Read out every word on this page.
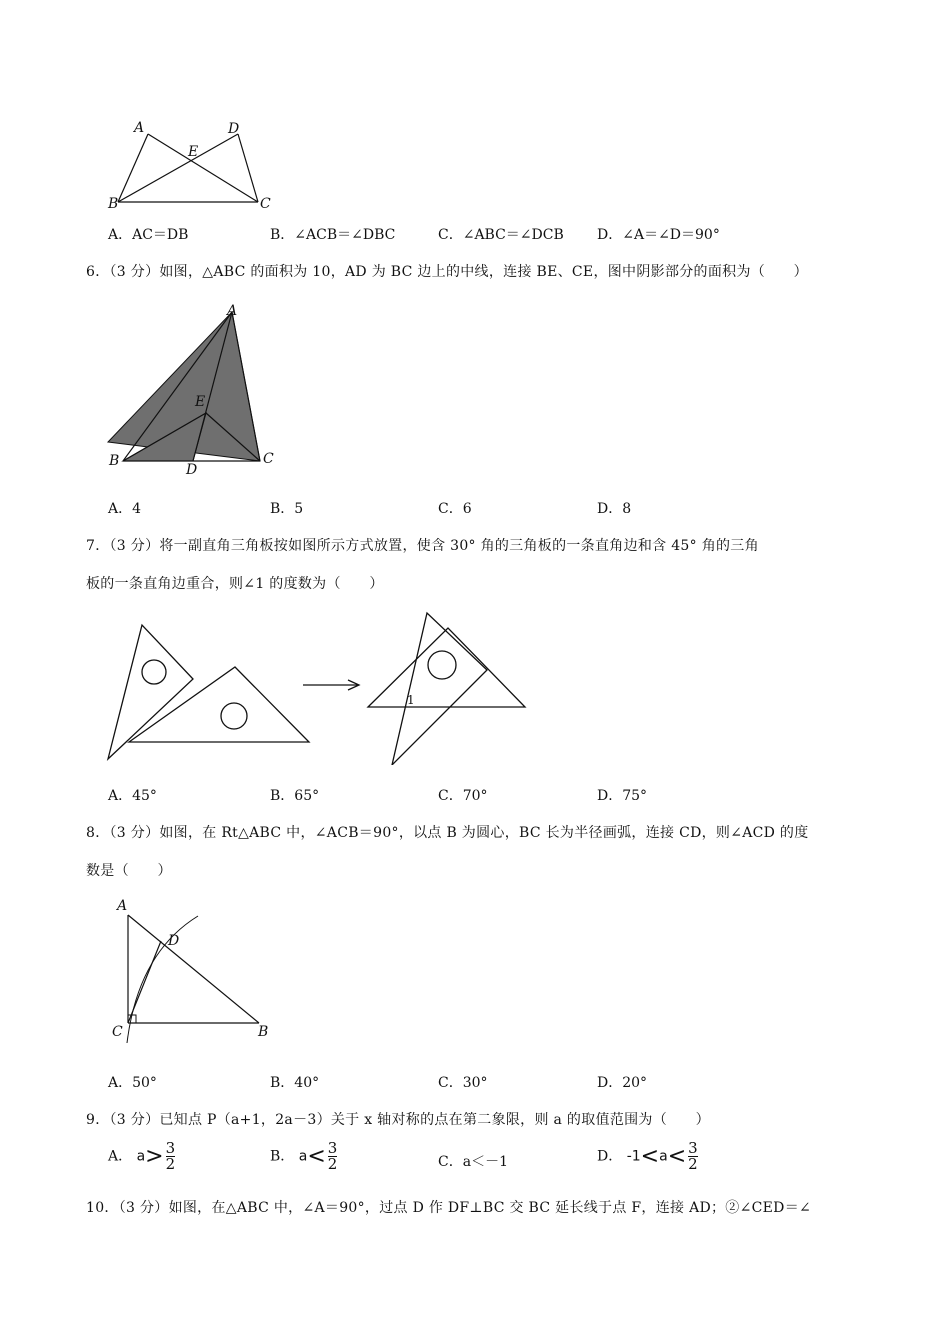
A	D
E
B	C
A．AC＝DB	B．∠ACB＝∠DBC	C．∠ABC＝∠DCB D．∠A＝∠D＝90°
6．（3 分）如图，△ABC 的面积为 10，AD 为 BC 边上的中线，连接 BE、CE，图中阴影部分的面积为（　　）
A
E
B
D
C
A．4	B．5	C．6	D．8
7．（3 分）将一副直角三角板按如图所示方式放置，使含 30° 角的三角板的一条直角边和含 45° 角的三角
板的一条直角边重合，则∠1 的度数为（　　）
1
A．45°	B．65°	C．70°	D．75°
8．（3 分）如图，在 Rt△ABC 中，∠ACB＝90°，以点 B 为圆心，BC 长为半径画弧，连接 CD，则∠ACD 的度
数是（　　）
A
D
C	B
A．50°	B．40°	C．30°	D．20°
9．（3 分）已知点 P（a+1，2a－3）关于 x 轴对称的点在第二象限，则 a 的取值范围为（　　）
A． $a> \frac{3}{2}$	B． $a< \frac{3}{2}$	C．a＜－1	D． $-1<a< \frac{3}{2}$
10．（3 分）如图，在△ABC 中，∠A＝90°，过点 D 作 DF⊥BC 交 BC 延长线于点 F，连接 AD；②∠CED＝∠
